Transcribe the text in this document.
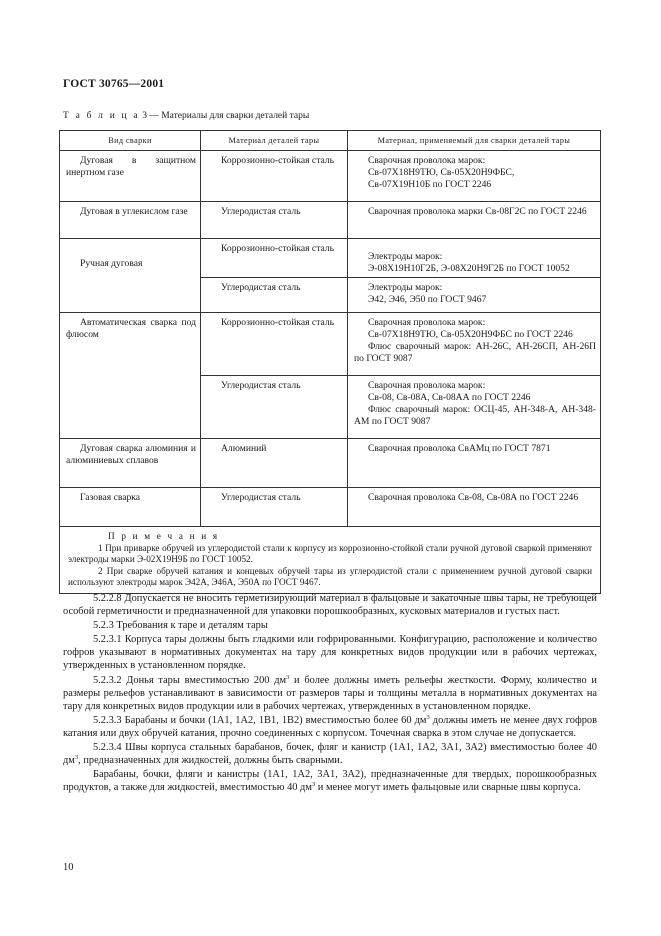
ГОСТ 30765—2001
Т а б л и ц а 3 — Материалы для сварки деталей тары
Вид сварки	Материал деталей тары	Материал, применяемый для сварки деталей тары
Дуговая в защитном инертном газе	Коррозионно-стойкая сталь	Сварочная проволока марок:
Св-07Х18Н9ТЮ, Св-05Х20Н9ФБС,
Св-07Х19Н10Б по ГОСТ 2246

Дуговая в углекислом газе	Углеродистая сталь	Сварочная проволока марки Св-08Г2С по ГОСТ 2246
Ручная дуговая	Коррозионно-стойкая сталь	Электроды марок:
Э-08Х19Н10Г2Б, Э-08Х20Н9Г2Б по ГОСТ 10052

	Углеродистая сталь	Электроды марок:
Э42, Э46, Э50 по ГОСТ 9467

Автоматическая сварка под флюсом	Коррозионно-стойкая сталь	Сварочная проволока марок:
Св-07Х18Н9ТЮ, Св-05Х20Н9ФБС по ГОСТ 2246
Флюс сварочный марок: АН-26С, АН-26СП, АН-26П по ГОСТ 9087

	Углеродистая сталь	Сварочная проволока марок:
Св-08, Св-08А, Св-08АА по ГОСТ 2246
Флюс сварочный марок: ОСЦ-45, АН-348-А, АН-348-АМ по ГОСТ 9087

Дуговая сварка алюминия и алюминиевых сплавов	Алюминий	Сварочная проволока СвАМц по ГОСТ 7871
Газовая сварка	Углеродистая сталь	Сварочная проволока Св-08, Св-08А по ГОСТ 2246

П р и м е ч а н и я

1 При приварке обручей из углеродистой стали к корпусу из коррозионно-стойкой стали ручной дуговой сваркой применяют электроды марки Э-02Х19Н9Б по ГОСТ 10052.

2 При сварке обручей катания и концевых обручей тары из углеродистой стали с применением ручной дуговой сварки используют электроды марок Э42А, Э46А, Э50А по ГОСТ 9467.		

5.2.2.8 Допускается не вносить герметизирующий материал в фальцовые и закаточные швы тары, не требующей особой герметичности и предназначенной для упаковки порошкообразных, кусковых материалов и густых паст.

5.2.3 Требования к таре и деталям тары

5.2.3.1 Корпуса тары должны быть гладкими или гофрированными. Конфигурацию, расположение и количество гофров указывают в нормативных документах на тару для конкретных видов продукции или в рабочих чертежах, утвержденных в установленном порядке.

5.2.3.2 Донья тары вместимостью 200 $дм^3$ и более должны иметь рельефы жесткости. Форму, количество и размеры рельефов устанавливают в зависимости от размеров тары и толщины металла в нормативных документах на тару для конкретных видов продукции или в рабочих чертежах, утвержденных в установленном порядке.

5.2.3.3 Барабаны и бочки (1А1, 1А2, 1В1, 1В2) вместимостью более 60 $дм^3$ должны иметь не менее двух гофров катания или двух обручей катания, прочно соединенных с корпусом. Точечная сварка в этом случае не допускается.

5.2.3.4 Швы корпуса стальных барабанов, бочек, фляг и канистр (1А1, 1А2, 3А1, 3А2) вместимостью более 40 $дм^3$, предназначенных для жидкостей, должны быть сварными.

Барабаны, бочки, фляги и канистры (1А1, 1А2, 3А1, 3А2), предназначенные для твердых, порошкообразных продуктов, а также для жидкостей, вместимостью 40 $дм^3$ и менее могут иметь фальцовые или сварные швы корпуса.

10
